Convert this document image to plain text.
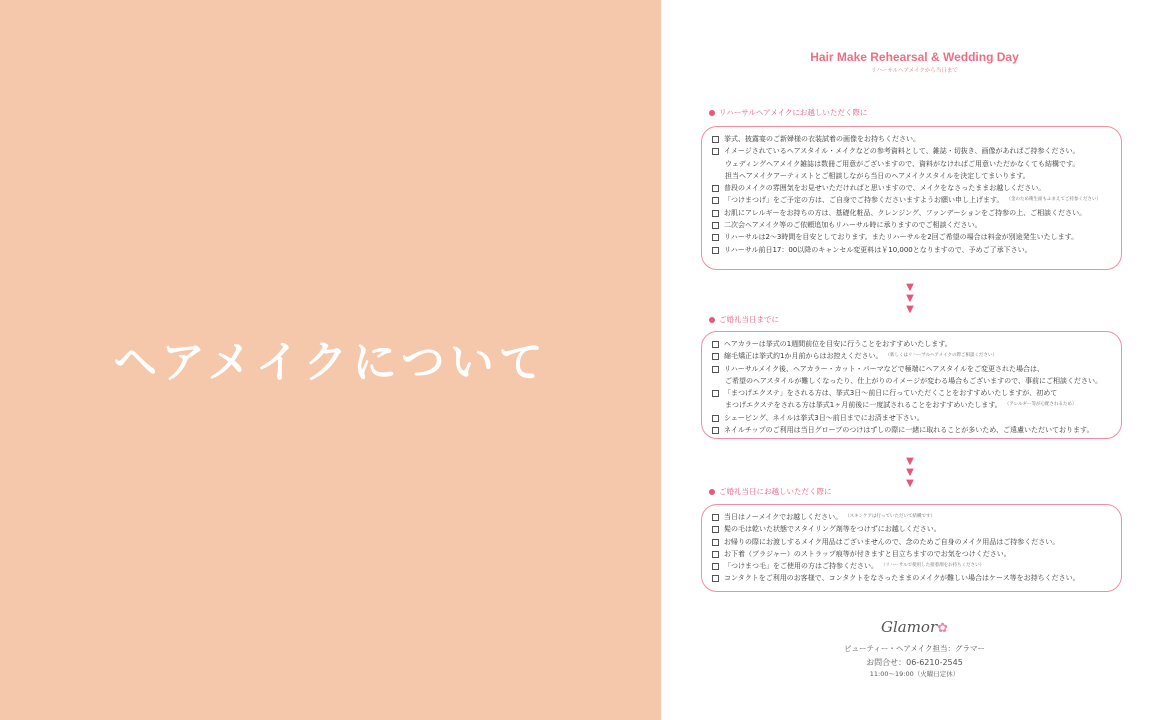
ヘアメイクについて
Hair Make Rehearsal & Wedding Day
リハーサルヘアメイクから当日まで
リハーサルヘアメイクにお越しいただく際に
挙式、披露宴のご新婦様の衣装試着の画像をお持ちください。
イメージされているヘアスタイル・メイクなどの参考資料として、雑誌・切抜き、画像があればご持参ください。
ウェディングヘアメイク雑誌は数冊ご用意がございますので、資料がなければご用意いただかなくても結構です。
担当ヘアメイクアーティストとご相談しながら当日のヘアメイクスタイルを決定してまいります。
普段のメイクの雰囲気をお見せいただければと思いますので、メイクをなさったままお越しください。
「つけまつげ」をご予定の方は、ご自身でご持参くださいますようお願い申し上げます。 （金のため衛生面もふまえてご持参ください）
お肌にアレルギーをお持ちの方は、基礎化粧品、クレンジング、ファンデーションをご持参の上、ご相談ください。
二次会ヘアメイク等のご依頼追加もリハーサル時に承りますのでご相談ください。
リハーサルは2～3時間を目安としております。またリハーサルを2回ご希望の場合は料金が別途発生いたします。
リハーサル前日17：00以降のキャンセル変更料は￥10,000となりますので、予めご了承下さい。
▼
▼
▼
ご婚礼当日までに
ヘアカラーは挙式の1週間前位を目安に行うことをおすすめいたします。
縮毛矯正は挙式約1か月前からはお控えください。 （新しくはリハーサルヘアメイクの際ご相談ください）
リハーサルメイク後、ヘアカラー・カット・パーマなどで極端にヘアスタイルをご変更された場合は、
ご希望のヘアスタイルが難しくなったり、仕上がりのイメージが変わる場合もございますので、事前にご相談ください。
「まつげエクステ」をされる方は、挙式3日～前日に行っていただくことをおすすめいたしますが、初めて
まつげエクステをされる方は挙式1ヶ月前後に一度試されることをおすすめいたします。 （アレルギー等が心配されるため）
シェービング、ネイルは挙式3日～前日までにお済ませ下さい。
ネイルチップのご利用は当日グローブのつけはずしの際に一緒に取れることが多いため、ご遠慮いただいております。
▼
▼
▼
ご婚礼当日にお越しいただく際に
当日はノーメイクでお越しください。 （スキンケアは行っていただいて結構です）
髪の毛は乾いた状態でスタイリング剤等をつけずにお越しください。
お帰りの際にお渡しするメイク用品はございませんので、念のためご自身のメイク用品はご持参ください。
お下着（ブラジャー）のストラップ痕等が付きますと目立ちますのでお気をつけください。
「つけまつ毛」をご使用の方はご持参ください。 （リハーサルで使用した接着剤をお持ちください）
コンタクトをご利用のお客様で、コンタクトをなさったままのメイクが難しい場合はケース等をお持ちください。
Glamor✿
ビューティー・ヘアメイク担当：グラマー
お問合せ：06-6210-2545
11:00～19:00（火曜日定休）
